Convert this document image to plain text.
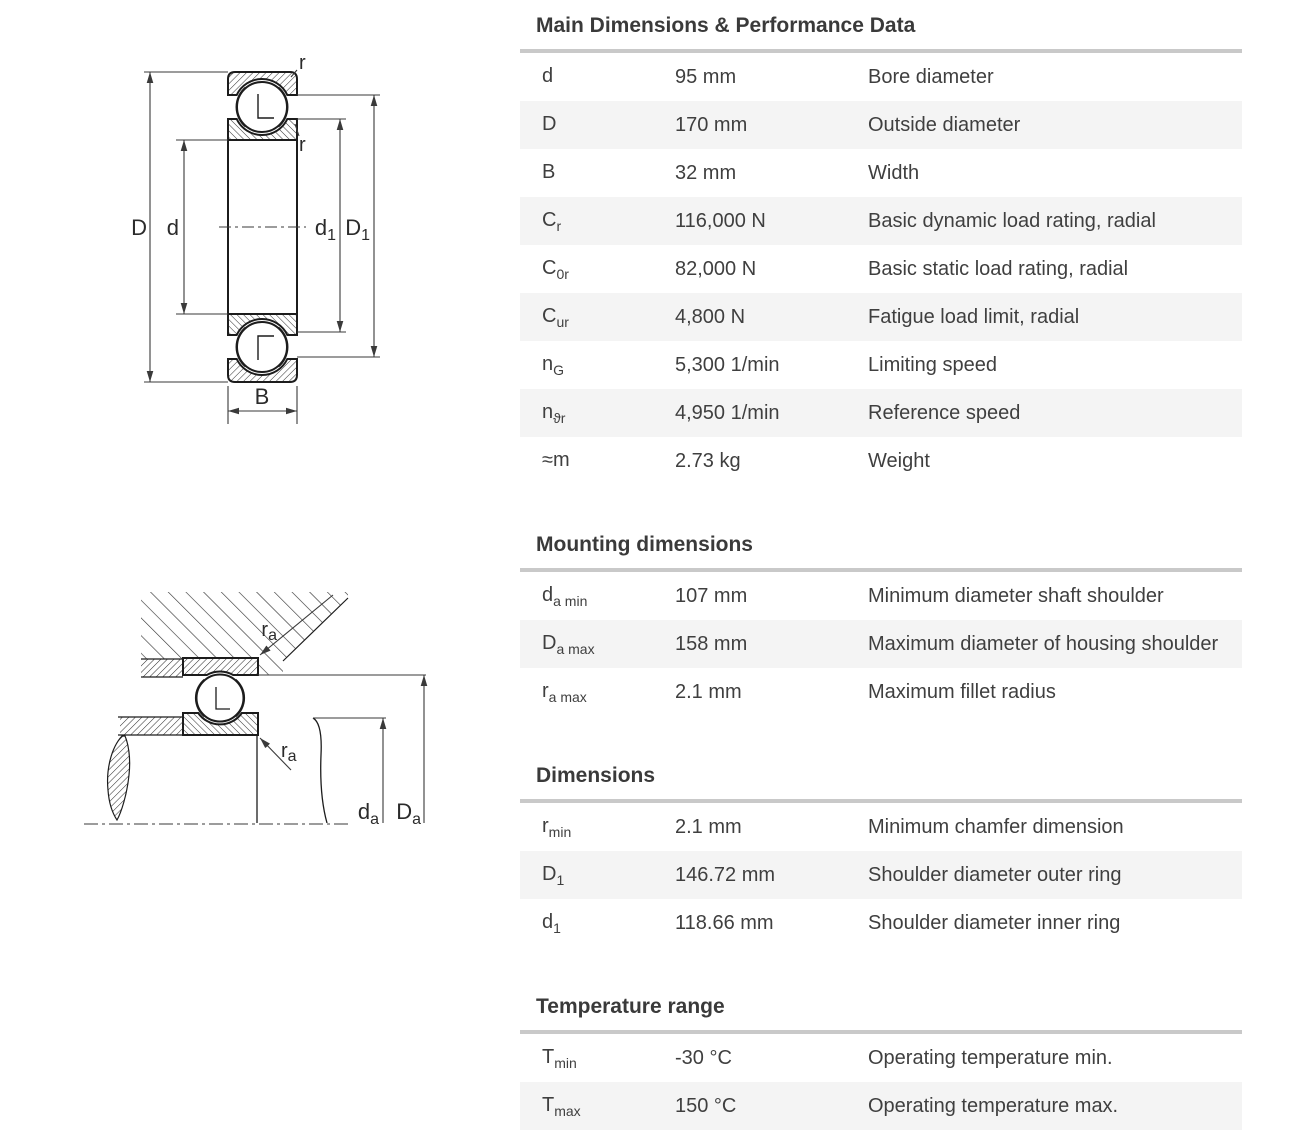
D d	$d_1$ $D_1$
r
r
B
$r_a$
$r_a$
$d_a$ $D_a$
Main Dimensions & Performance Data
d	95 mm	Bore diameter
D	170 mm	Outside diameter
B	32 mm	Width
$C_r$	116,000 N	Basic dynamic load rating, radial
$C_{0r}$	82,000 N	Basic static load rating, radial
$C_{ur}$	4,800 N	Fatigue load limit, radial
$n_G$	5,300 1/min	Limiting speed
$n_{ϑr}$	4,950 1/min	Reference speed
≈m	2.73 kg	Weight
Mounting dimensions
$d_{a min}$	107 mm	Minimum diameter shaft shoulder
$D_{a max}$	158 mm	Maximum diameter of housing shoulder
$r_{a max}$	2.1 mm	Maximum fillet radius
Dimensions
$r_{min}$	2.1 mm	Minimum chamfer dimension
$D_1$	146.72 mm	Shoulder diameter outer ring
$d_1$	118.66 mm	Shoulder diameter inner ring
Temperature range
$T_{min}$	-30 °C	Operating temperature min.
$T_{max}$	150 °C	Operating temperature max.
